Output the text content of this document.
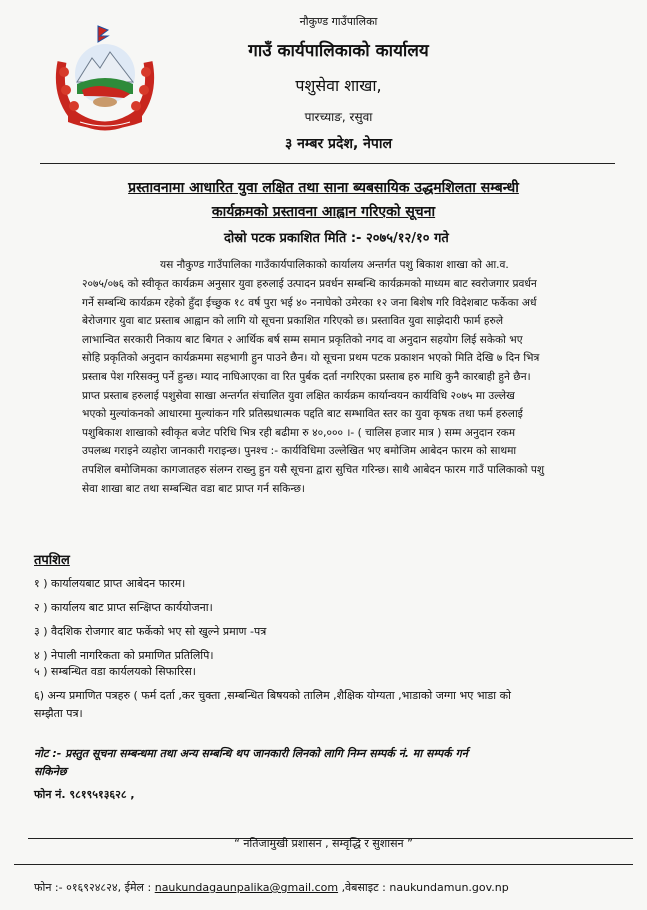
नौकुण्ड गाउँपालिका
गाउँ कार्यपालिकाको कार्यालय
पशुसेवा शाखा,
पारच्याङ, रसुवा
३ नम्बर प्रदेश, नेपाल
प्रस्तावनामा आधारित युवा लक्षित तथा साना ब्यबसायिक उद्धमशिलता सम्बन्धी
कार्यक्रमको प्रस्तावना आह्वान गरिएको सूचना
दोस्रो पटक प्रकाशित मिति :- २०७५/१२/१० गते
यस नौकुण्ड गाउँपालिका गाउँकार्यपालिकाको कार्यालय अन्तर्गत पशु बिकाश शाखा को आ.व.
२०७५/०७६ को स्वीकृत कार्यक्रम अनुसार युवा हरुलाई उत्पादन प्रवर्धन सम्बन्धि कार्यक्रमको माध्यम बाट स्वरोजगार प्रवर्धन
गर्ने सम्बन्धि कार्यक्रम रहेको हुँदा ईच्छुक १८ वर्ष पुरा भई ४० ननाघेको उमेरका १२ जना बिशेष गरि विदेशबाट फर्केका अर्ध
बेरोजगार युवा बाट प्रस्ताब आह्वान को लागि यो सूचना प्रकाशित गरिएको छ। प्रस्तावित युवा साझेदारी फार्म हरुले
लाभान्वित सरकारी निकाय बाट बिगत २ आर्थिक बर्ष सम्म समान प्रकृतिको नगद वा अनुदान सहयोग लिई सकेको भए
सोहि प्रकृतिको अनुदान कार्यक्रममा सहभागी हुन पाउने छैन। यो सूचना प्रथम पटक प्रकाशन भएको मिति देखि ७ दिन भित्र
प्रस्ताब पेश गरिसक्नु पर्ने हुन्छ। म्याद नाघिआएका वा रित पुर्बक दर्ता नगरिएका प्रस्ताब हरु माथि कुनै कारबाही हुने छैन।
प्राप्त प्रस्ताब हरुलाई पशुसेवा साखा अन्तर्गत संचालित युवा लक्षित कार्यक्रम कार्यान्वयन कार्यविधि २०७५ मा उल्लेख
भएको मुल्यांकनको आधारमा मुल्यांकन गरि प्रतिस्प्रधात्मक पद्दति बाट सम्भावित स्तर का युवा कृषक तथा फर्म हरुलाई
पशुबिकाश शाखाको स्वीकृत बजेट परिधि भित्र रही बढीमा रु ४०,००० ।- ( चालिस हजार मात्र ) सम्म अनुदान रकम
उपलब्ध गराइने व्यहोरा जानकारी गराइन्छ। पुनश्च :- कार्यविधिमा उल्लेखित भए बमोजिम आबेदन फारम को साथमा
तपशिल बमोजिमका कागजातहरु संलग्न राख्नु हुन यसै सूचना द्वारा सुचित गरिन्छ। साथै आबेदन फारम गाउँ पालिकाको पशु
सेवा शाखा बाट तथा सम्बन्धित वडा बाट प्राप्त गर्न सकिन्छ।
तपशिल
१ ) कार्यालयबाट प्राप्त आबेदन फारम।
२ ) कार्यालय बाट प्राप्त सन्क्षिप्त कार्ययोजना।
३ ) वैदशिक रोजगार बाट फर्केको भए सो खुल्ने प्रमाण -पत्र
४ ) नेपाली नागरिकता को प्रमाणित प्रतिलिपि।
५ ) सम्बन्धित वडा कार्यलयको सिफारिस।
६) अन्य प्रमाणित पत्रहरु ( फर्म दर्ता ,कर चुक्ता ,सम्बन्धित बिषयको तालिम ,शैक्षिक योग्यता ,भाडाको जग्गा भए भाडा को
सम्झैता पत्र।
नोट :- प्रस्तुत सूचना सम्बन्धमा तथा अन्य सम्बन्धि थप जानकारी लिनको लागि निम्न सम्पर्क नं. मा सम्पर्क गर्न
सकिनेछ
फोन नं. ९८१९५१३६२८ ,
“ नतिजामुखी प्रशासन , सम्वृद्धि र सुशासन ”
फोन :- ०१६९२४८२४, ईमेल : naukundagaunpalika@gmail.com ,वेबसाइट : naukundamun.gov.np
